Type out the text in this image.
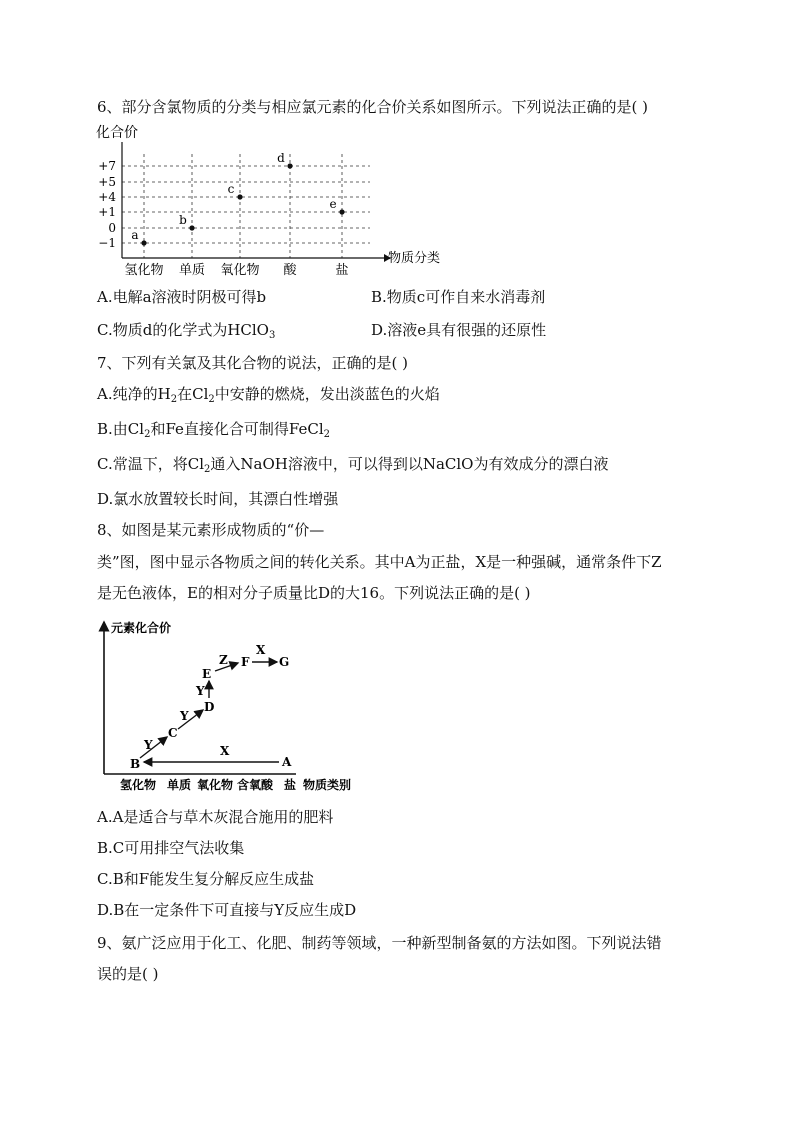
6、部分含氯物质的分类与相应氯元素的化合价关系如图所示。下列说法正确的是( )
化合价
物质分类
+7
+5
+4
+1
0
−1
氢化物 单质 氧化物 酸	盐
a
b
c
d
e
A.电解a溶液时阴极可得b	B.物质c可作自来水消毒剂
C.物质d的化学式为HClO$_3$	D.溶液e具有很强的还原性
7、下列有关氯及其化合物的说法，正确的是( )
A.纯净的$H_2$在$Cl_2$中安静的燃烧，发出淡蓝色的火焰
B.由$Cl_2$和Fe直接化合可制得FeCl$_2$
C.常温下，将$Cl_2$通入NaOH溶液中，可以得到以NaClO为有效成分的漂白液
D.氯水放置较长时间，其漂白性增强
8、如图是某元素形成物质的“价—
类”图，图中显示各物质之间的转化关系。其中A为正盐，X是一种强碱，通常条件下Z
是无色液体，E的相对分子质量比D的大16。下列说法正确的是( )
元素化合价
氢化物 单质 氧化物 含氧酸 盐 物质类别
B	A
C
D
E
F G
X
Y
Y
Y
Z
X
A.A是适合与草木灰混合施用的肥料
B.C可用排空气法收集
C.B和F能发生复分解反应生成盐
D.B在一定条件下可直接与Y反应生成D
9、氨广泛应用于化工、化肥、制药等领域，一种新型制备氨的方法如图。下列说法错
误的是( )
